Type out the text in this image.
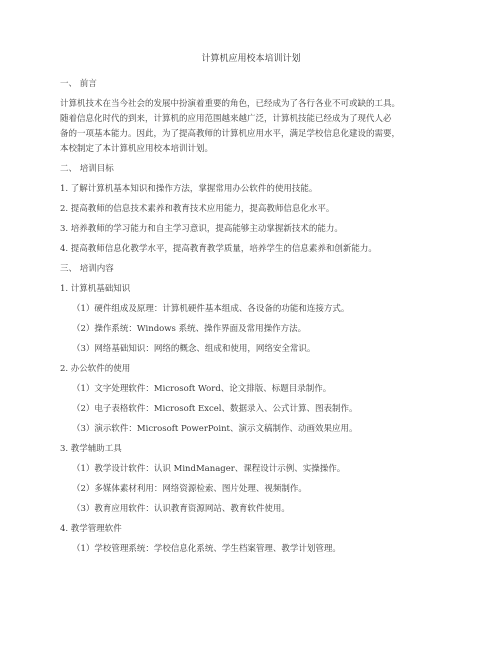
计算机应用校本培训计划
一、 前言
计算机技术在当今社会的发展中扮演着重要的角色，已经成为了各行各业不可或缺的工具。
随着信息化时代的到来，计算机的应用范围越来越广泛，计算机技能已经成为了现代人必
备的一项基本能力。因此，为了提高教师的计算机应用水平，满足学校信息化建设的需要，
本校制定了本计算机应用校本培训计划。
二、 培训目标
1. 了解计算机基本知识和操作方法，掌握常用办公软件的使用技能。
2. 提高教师的信息技术素养和教育技术应用能力，提高教师信息化水平。
3. 培养教师的学习能力和自主学习意识，提高能够主动掌握新技术的能力。
4. 提高教师信息化教学水平，提高教育教学质量，培养学生的信息素养和创新能力。
三、 培训内容
1. 计算机基础知识
（1）硬件组成及原理：计算机硬件基本组成、各设备的功能和连接方式。
（2）操作系统：Windows 系统、操作界面及常用操作方法。
（3）网络基础知识：网络的概念、组成和使用，网络安全常识。
2. 办公软件的使用
（1）文字处理软件：Microsoft Word、论文排版、标题目录制作。
（2）电子表格软件：Microsoft Excel、数据录入、公式计算、图表制作。
（3）演示软件：Microsoft PowerPoint、演示文稿制作、动画效果应用。
3. 教学辅助工具
（1）教学设计软件：认识 MindManager、课程设计示例、实操操作。
（2）多媒体素材利用：网络资源检索、图片处理、视频制作。
（3）教育应用软件：认识教育资源网站、教育软件使用。
4. 教学管理软件
（1）学校管理系统：学校信息化系统、学生档案管理、教学计划管理。
